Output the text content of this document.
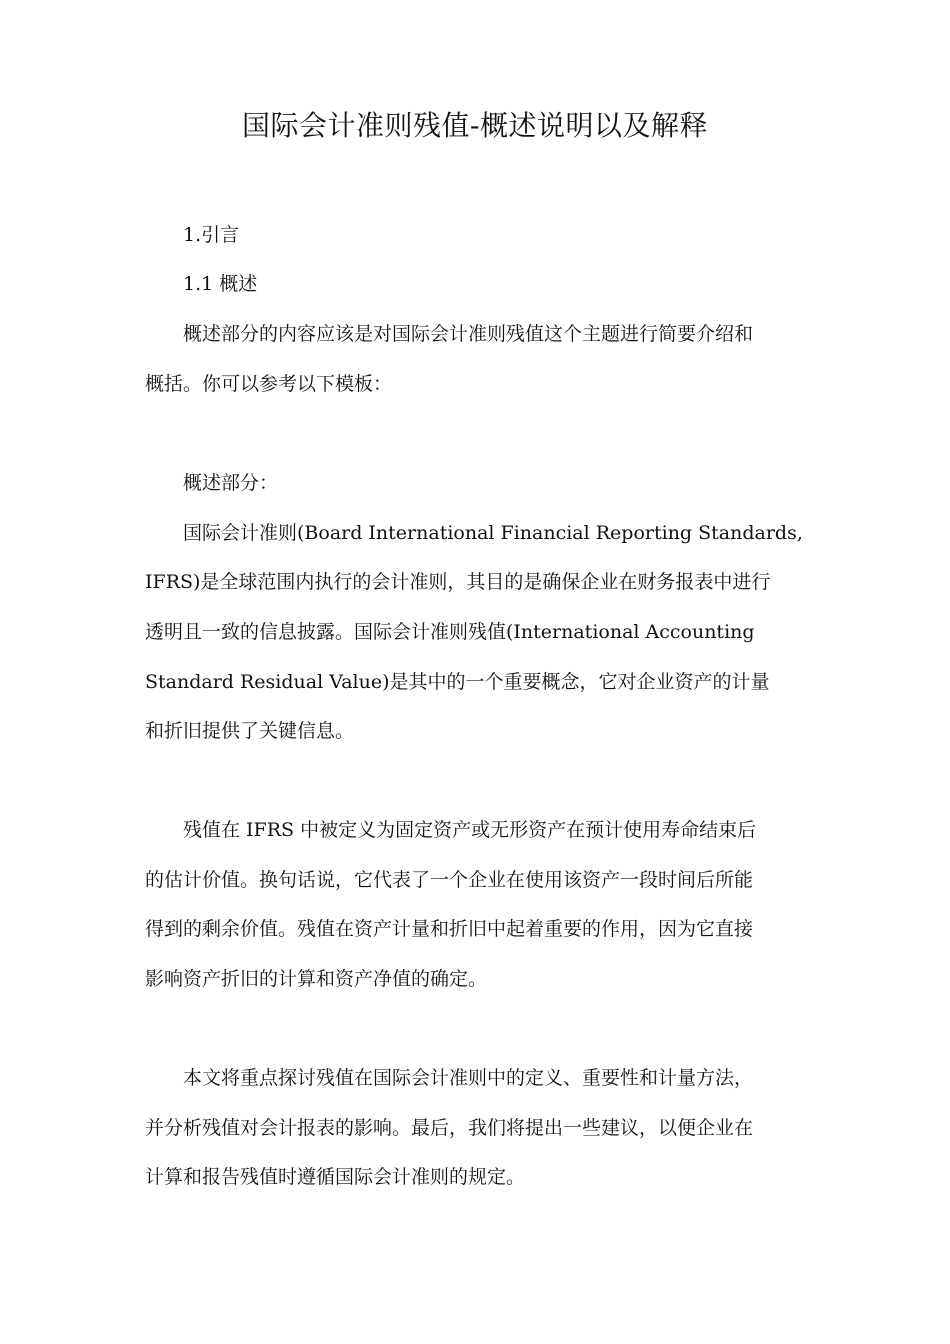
国际会计准则残值-概述说明以及解释
1.引言
1.1 概述
概述部分的内容应该是对国际会计准则残值这个主题进行简要介绍和
概括。你可以参考以下模板：
概述部分：
国际会计准则(Board International Financial Reporting Standards,
IFRS)是全球范围内执行的会计准则，其目的是确保企业在财务报表中进行
透明且一致的信息披露。国际会计准则残值(International Accounting
Standard Residual Value)是其中的一个重要概念，它对企业资产的计量
和折旧提供了关键信息。
残值在 IFRS 中被定义为固定资产或无形资产在预计使用寿命结束后
的估计价值。换句话说，它代表了一个企业在使用该资产一段时间后所能
得到的剩余价值。残值在资产计量和折旧中起着重要的作用，因为它直接
影响资产折旧的计算和资产净值的确定。
本文将重点探讨残值在国际会计准则中的定义、重要性和计量方法，
并分析残值对会计报表的影响。最后，我们将提出一些建议，以便企业在
计算和报告残值时遵循国际会计准则的规定。
